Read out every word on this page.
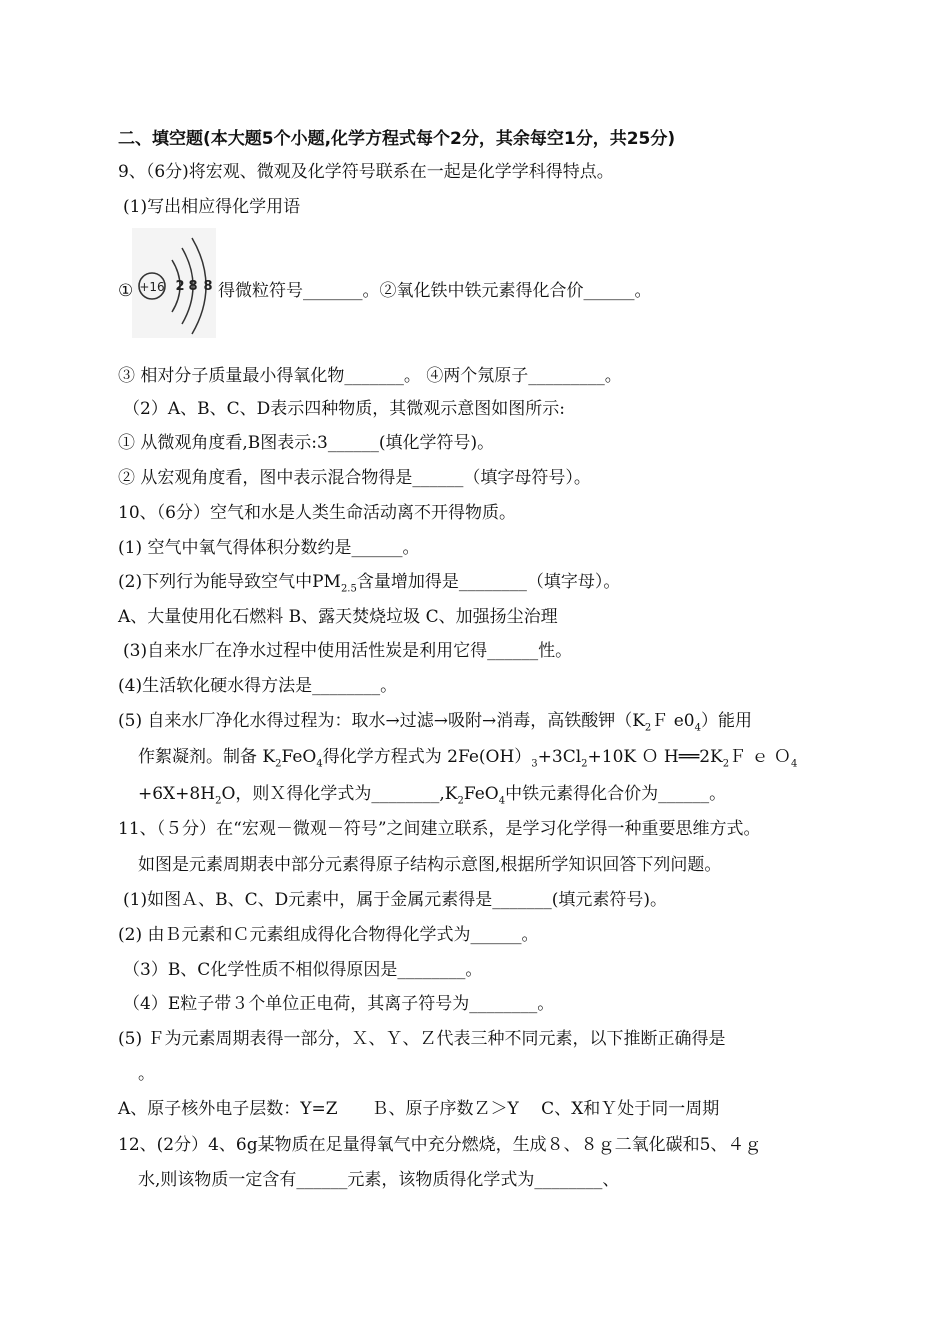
二、填空题(本大题5个小题,化学方程式每个2分，其余每空1分，共25分)
9、（6分)将宏观、微观及化学符号联系在一起是化学学科得特点。
(1)写出相应得化学用语
+16 2 8 8
①	得微粒符号_______。②氧化铁中铁元素得化合价______。
③ 相对分子质量最小得氧化物_______。 ④两个氖原子_________。
（2）A、B、C、D表示四种物质，其微观示意图如图所示:
① 从微观角度看,B图表示:3______(填化学符号)。
② 从宏观角度看，图中表示混合物得是______（填字母符号）。
10、（6分）空气和水是人类生命活动离不开得物质。
(1) 空气中氧气得体积分数约是______。
(2)下列行为能导致空气中$PM_{2.5}$含量增加得是________（填字母）。
A、大量使用化石燃料 B、露天焚烧垃圾 C、加强扬尘治理
(3)自来水厂在净水过程中使用活性炭是利用它得______性。
(4)生活软化硬水得方法是________。
(5) 自来水厂净化水得过程为：取水→过滤→吸附→消毒，高铁酸钾（$K_2F$ $e0_4$）能用
作絮凝剂。制备 $K_2FeO_4$得化学方程式为 $2Fe(OH)_3+3Cl_2+10K$ Ｏ $H══2K_2F$ ｅ Ｏ$_4$
$+6X+8H_2O$，则Ｘ得化学式为$\_\_\_\_\_\_\_\_,K_2FeO_4$中铁元素得化合价为______。
11、（５分）在“宏观－微观－符号”之间建立联系，是学习化学得一种重要思维方式。
如图是元素周期表中部分元素得原子结构示意图,根据所学知识回答下列问题。
(1)如图Ａ、B、C、D元素中，属于金属元素得是_______(填元素符号)。
(2) 由Ｂ元素和Ｃ元素组成得化合物得化学式为______。
（3）B、C化学性质不相似得原因是________。
（4）E粒子带３个单位正电荷，其离子符号为________。
(5) Ｆ为元素周期表得一部分，Ｘ、Ｙ、Ｚ代表三种不同元素，以下推断正确得是
。
A、原子核外电子层数：Y=Z　　Ｂ、原子序数Ｚ＞Y　 C、X和Ｙ处于同一周期
12、(2分）4、6g某物质在足量得氧气中充分燃烧，生成８、８ｇ二氧化碳和5、４ｇ
水,则该物质一定含有______元素，该物质得化学式为________、
